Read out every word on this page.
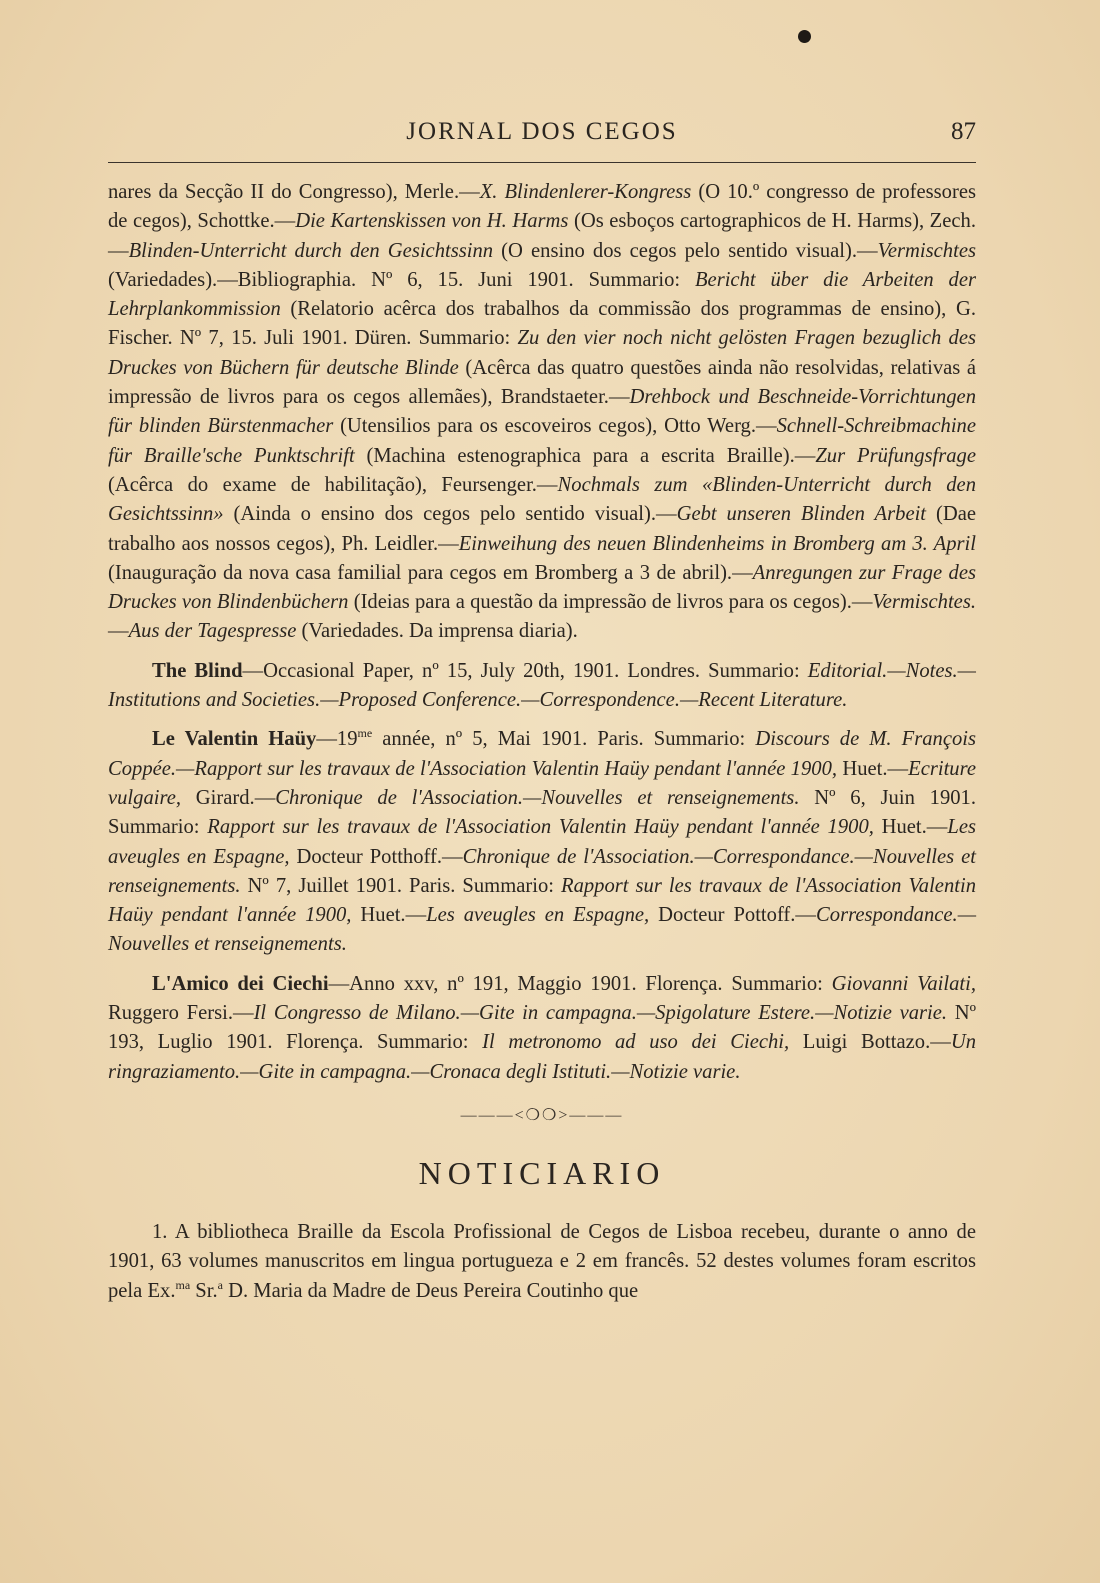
JORNAL DOS CEGOS	87

nares da Secção II do Congresso), Merle.—X. Blindenlerer-Kongress (O 10.º congresso de professores de cegos), Schottke.—Die Kartenskissen von H. Harms (Os esboços cartographicos de H. Harms), Zech.—Blinden-Unterricht durch den Gesichtssinn (O ensino dos cegos pelo sentido visual).—Vermischtes (Variedades).—Bibliographia. Nº 6, 15. Juni 1901. Summario: Bericht über die Arbeiten der Lehrplankommission (Relatorio acêrca dos trabalhos da commissão dos programmas de ensino), G. Fischer. Nº 7, 15. Juli 1901. Düren. Summario: Zu den vier noch nicht gelösten Fragen bezuglich des Druckes von Büchern für deutsche Blinde (Acêrca das quatro questões ainda não resolvidas, relativas á impressão de livros para os cegos allemães), Brandstaeter.—Drehbock und Beschneide-Vorrichtungen für blinden Bürstenmacher (Utensilios para os escoveiros cegos), Otto Werg.—Schnell-Schreibmachine für Braille'sche Punktschrift (Machina estenographica para a escrita Braille).—Zur Prüfungsfrage (Acêrca do exame de habilitação), Feursenger.—Nochmals zum «Blinden-Unterricht durch den Gesichtssinn» (Ainda o ensino dos cegos pelo sentido visual).—Gebt unseren Blinden Arbeit (Dae trabalho aos nossos cegos), Ph. Leidler.—Einweihung des neuen Blindenheims in Bromberg am 3. April (Inauguração da nova casa familial para cegos em Bromberg a 3 de abril).—Anregungen zur Frage des Druckes von Blindenbüchern (Ideias para a questão da impressão de livros para os cegos).—Vermischtes.—Aus der Tagespresse (Variedades. Da imprensa diaria).

The Blind—Occasional Paper, nº 15, July 20th, 1901. Londres. Summario: Editorial.—Notes.—Institutions and Societies.—Proposed Conference.—Correspondence.—Recent Literature.

Le Valentin $Haüy—19^{me}$ année, nº 5, Mai 1901. Paris. Summario: Discours de M. François Coppée.—Rapport sur les travaux de l'Association Valentin Haüy pendant l'année 1900, Huet.—Ecriture vulgaire, Girard.—Chronique de l'Association.—Nouvelles et renseignements. Nº 6, Juin 1901. Summario: Rapport sur les travaux de l'Association Valentin Haüy pendant l'année 1900, Huet.—Les aveugles en Espagne, Docteur Potthoff.—Chronique de l'Association.—Correspondance.—Nouvelles et renseignements. Nº 7, Juillet 1901. Paris. Summario: Rapport sur les travaux de l'Association Valentin Haüy pendant l'année 1900, Huet.—Les aveugles en Espagne, Docteur Pottoff.—Correspondance.—Nouvelles et renseignements.

L'Amico dei Ciechi—Anno xxv, nº 191, Maggio 1901. Florença. Summario: Giovanni Vailati, Ruggero Fersi.—Il Congresso de Milano.—Gite in campagna.—Spigolature Estere.—Notizie varie. Nº 193, Luglio 1901. Florença. Summario: Il metronomo ad uso dei Ciechi, Luigi Bottazo.—Un ringraziamento.—Gite in campagna.—Cronaca degli Istituti.—Notizie varie.

———<❍❍>———
NOTICIARIO

1. A bibliotheca Braille da Escola Profissional de Cegos de Lisboa recebeu, durante o anno de 1901, 63 volumes manuscritos em lingua portugueza e 2 em francês. 52 destes volumes foram escritos pela Ex.$^{ma}$ Sr.$^a$ D. Maria da Madre de Deus Pereira Coutinho que
